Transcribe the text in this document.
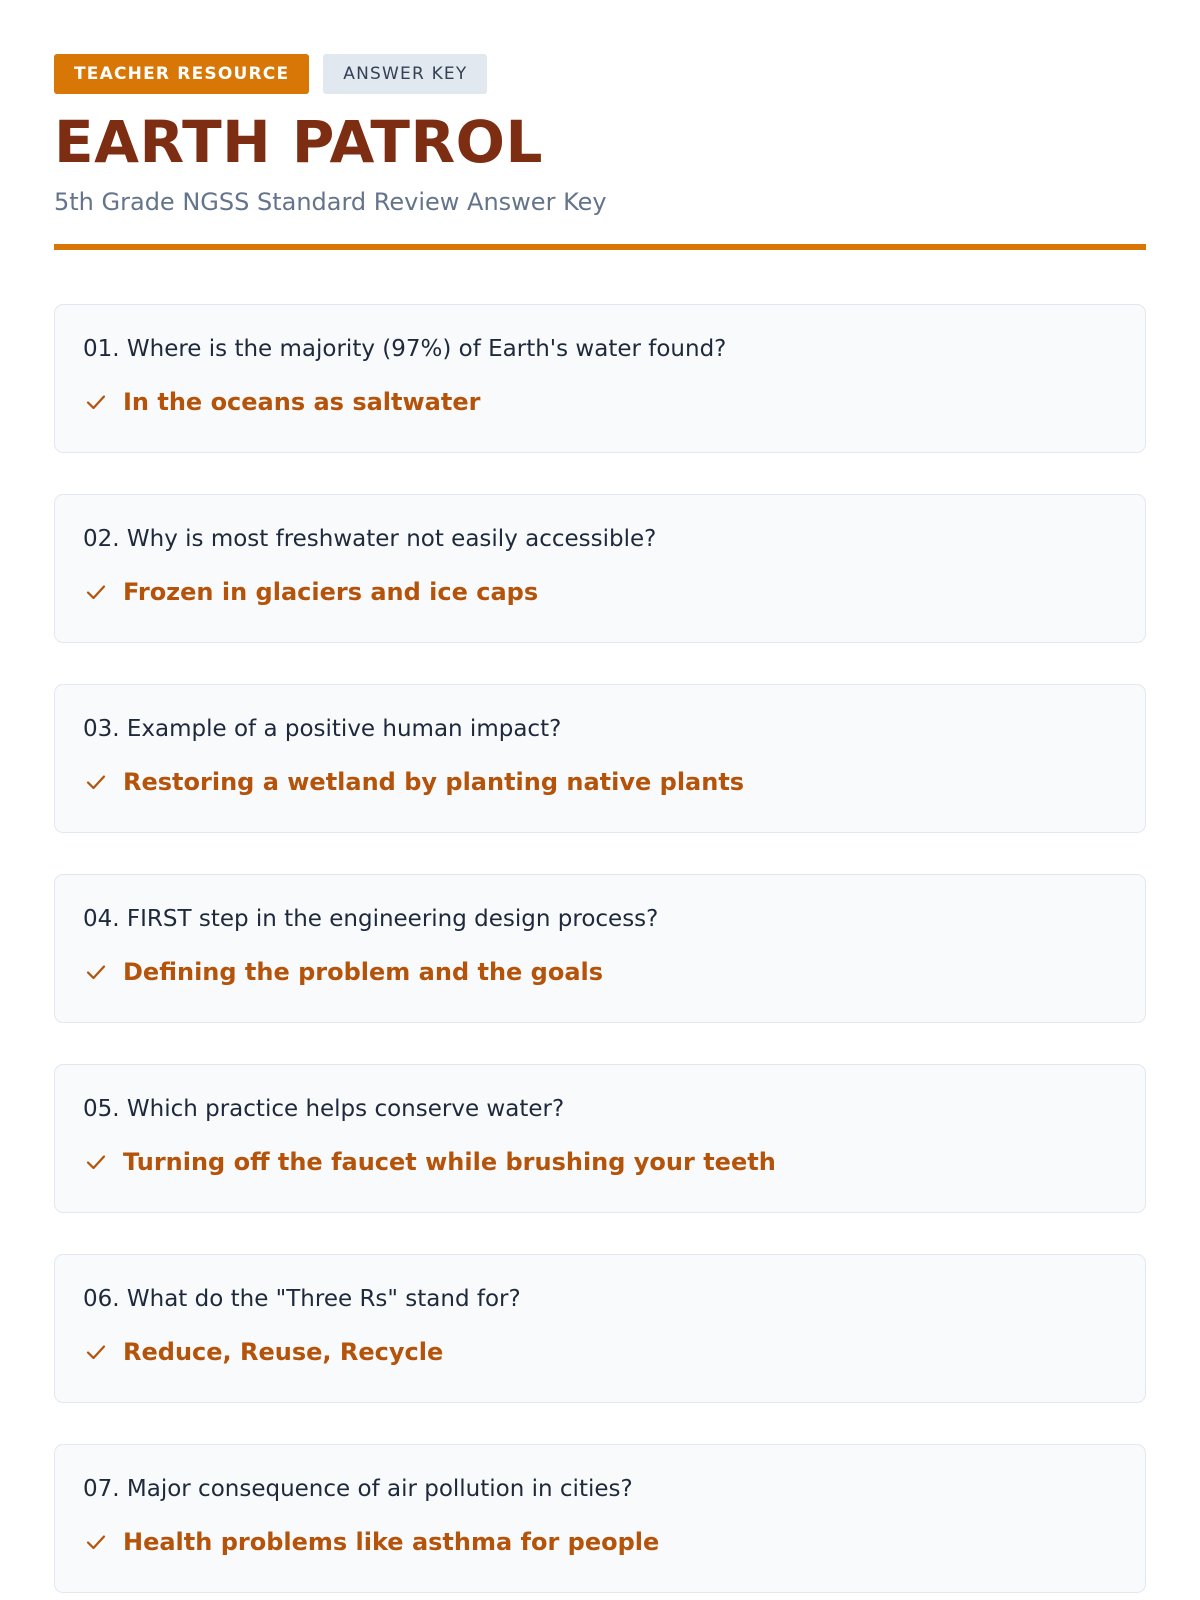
TEACHER RESOURCE	ANSWER KEY
EARTH PATROL
5th Grade NGSS Standard Review Answer Key
01. Where is the majority (97%) of Earth's water found?
In the oceans as saltwater
02. Why is most freshwater not easily accessible?
Frozen in glaciers and ice caps
03. Example of a positive human impact?
Restoring a wetland by planting native plants
04. FIRST step in the engineering design process?
Defining the problem and the goals
05. Which practice helps conserve water?
Turning off the faucet while brushing your teeth
06. What do the "Three Rs" stand for?
Reduce, Reuse, Recycle
07. Major consequence of air pollution in cities?
Health problems like asthma for people
